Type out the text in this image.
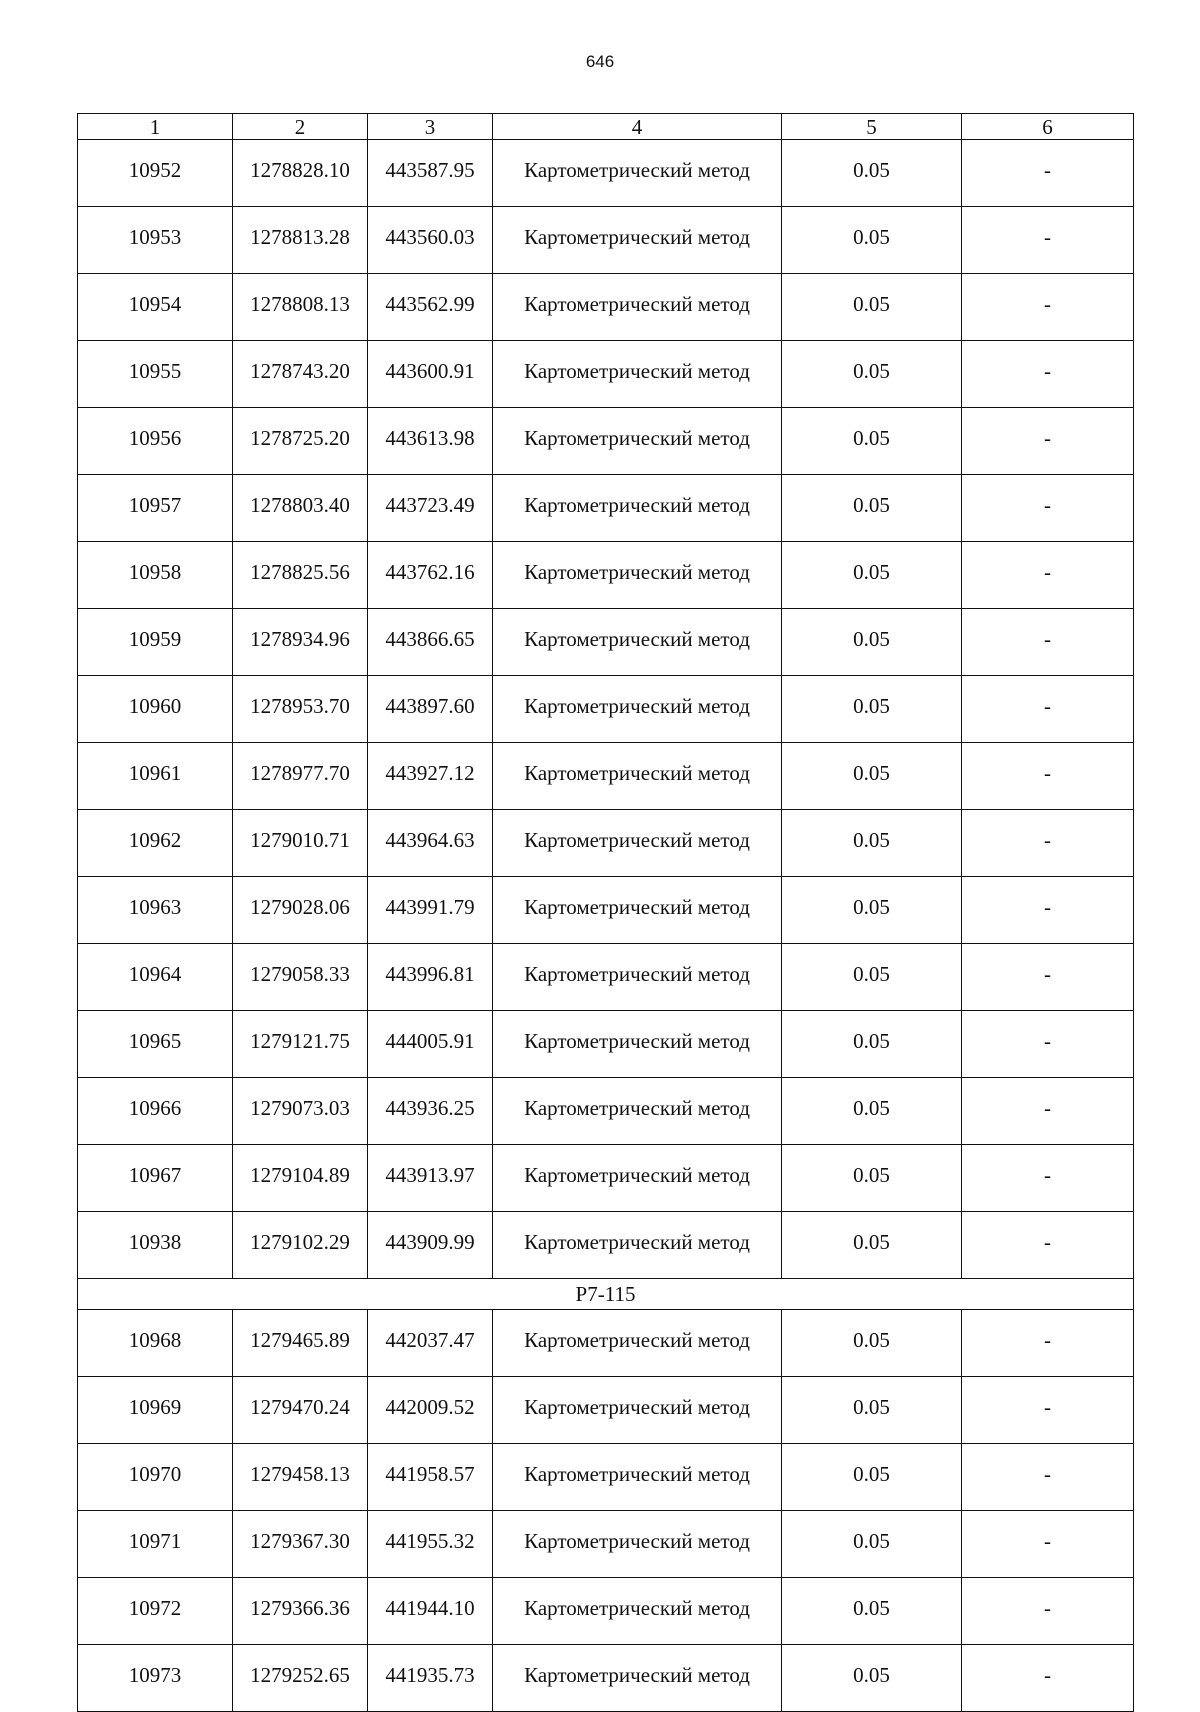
646
1	2	3	4	5	6
10952	1278828.10	443587.95	Картометрический метод	0.05	-
10953	1278813.28	443560.03	Картометрический метод	0.05	-
10954	1278808.13	443562.99	Картометрический метод	0.05	-
10955	1278743.20	443600.91	Картометрический метод	0.05	-
10956	1278725.20	443613.98	Картометрический метод	0.05	-
10957	1278803.40	443723.49	Картометрический метод	0.05	-
10958	1278825.56	443762.16	Картометрический метод	0.05	-
10959	1278934.96	443866.65	Картометрический метод	0.05	-
10960	1278953.70	443897.60	Картометрический метод	0.05	-
10961	1278977.70	443927.12	Картометрический метод	0.05	-
10962	1279010.71	443964.63	Картометрический метод	0.05	-
10963	1279028.06	443991.79	Картометрический метод	0.05	-
10964	1279058.33	443996.81	Картометрический метод	0.05	-
10965	1279121.75	444005.91	Картометрический метод	0.05	-
10966	1279073.03	443936.25	Картометрический метод	0.05	-
10967	1279104.89	443913.97	Картометрический метод	0.05	-
10938	1279102.29	443909.99	Картометрический метод	0.05	-
P7-115					
10968	1279465.89	442037.47	Картометрический метод	0.05	-
10969	1279470.24	442009.52	Картометрический метод	0.05	-
10970	1279458.13	441958.57	Картометрический метод	0.05	-
10971	1279367.30	441955.32	Картометрический метод	0.05	-
10972	1279366.36	441944.10	Картометрический метод	0.05	-
10973	1279252.65	441935.73	Картометрический метод	0.05	-
